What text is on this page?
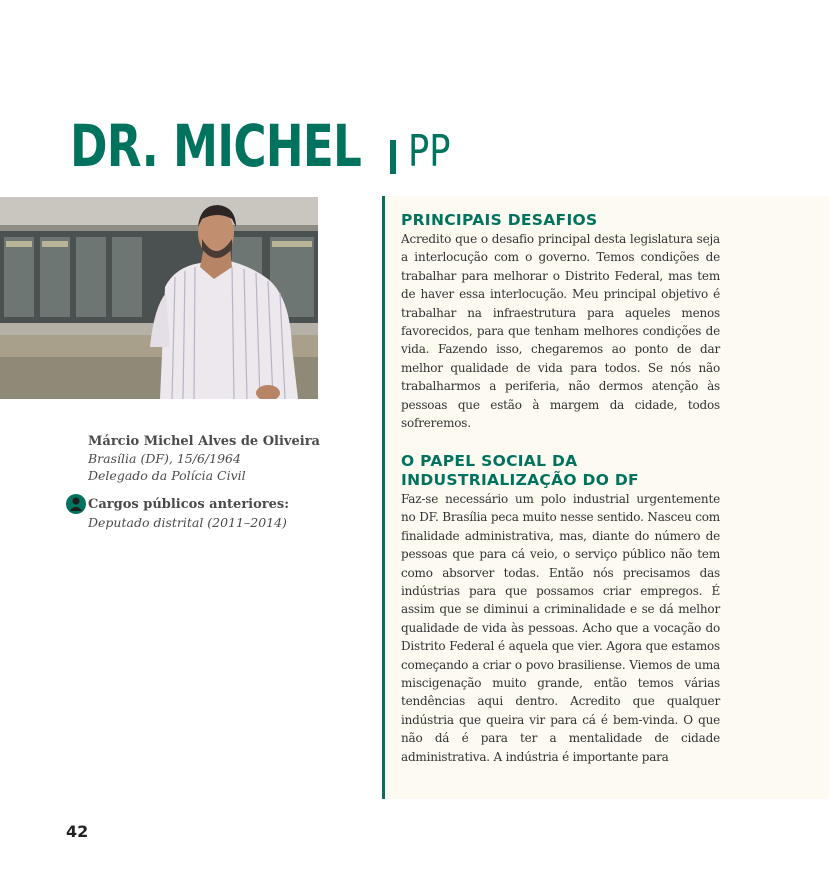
DR. MICHEL PP
Márcio Michel Alves de Oliveira
Brasília (DF), 15/6/1964
Delegado da Polícia Civil
Cargos públicos anteriores:
Deputado distrital (2011–2014)
PRINCIPAIS DESAFIOS

Acredito que o desafio principal desta legislatura seja a interlocução com o governo. Temos condições de trabalhar para melhorar o Distrito Federal, mas tem de haver essa interlocução. Meu principal objetivo é trabalhar na infraestrutura para aqueles menos favorecidos, para que tenham melhores condições de vida. Fazendo isso, chegaremos ao ponto de dar melhor qualidade de vida para todos. Se nós não trabalharmos a periferia, não dermos atenção às pessoas que estão à margem da cidade, todos sofreremos.

O PAPEL SOCIAL DA INDUSTRIALIZAÇÃO DO DF

Faz-se necessário um polo industrial urgentemente no DF. Brasília peca muito nesse sentido. Nasceu com finalidade administrativa, mas, diante do número de pessoas que para cá veio, o serviço público não tem como absorver todas. Então nós precisamos das indústrias para que possamos criar empregos. É assim que se diminui a criminalidade e se dá melhor qualidade de vida às pessoas. Acho que a vocação do Distrito Federal é aquela que vier. Agora que estamos começando a criar o povo brasiliense. Viemos de uma miscigenação muito grande, então temos várias tendências aqui dentro. Acredito que qualquer indústria que queira vir para cá é bem-vinda. O que não dá é para ter a mentalidade de cidade administrativa. A indústria é importante para

42
